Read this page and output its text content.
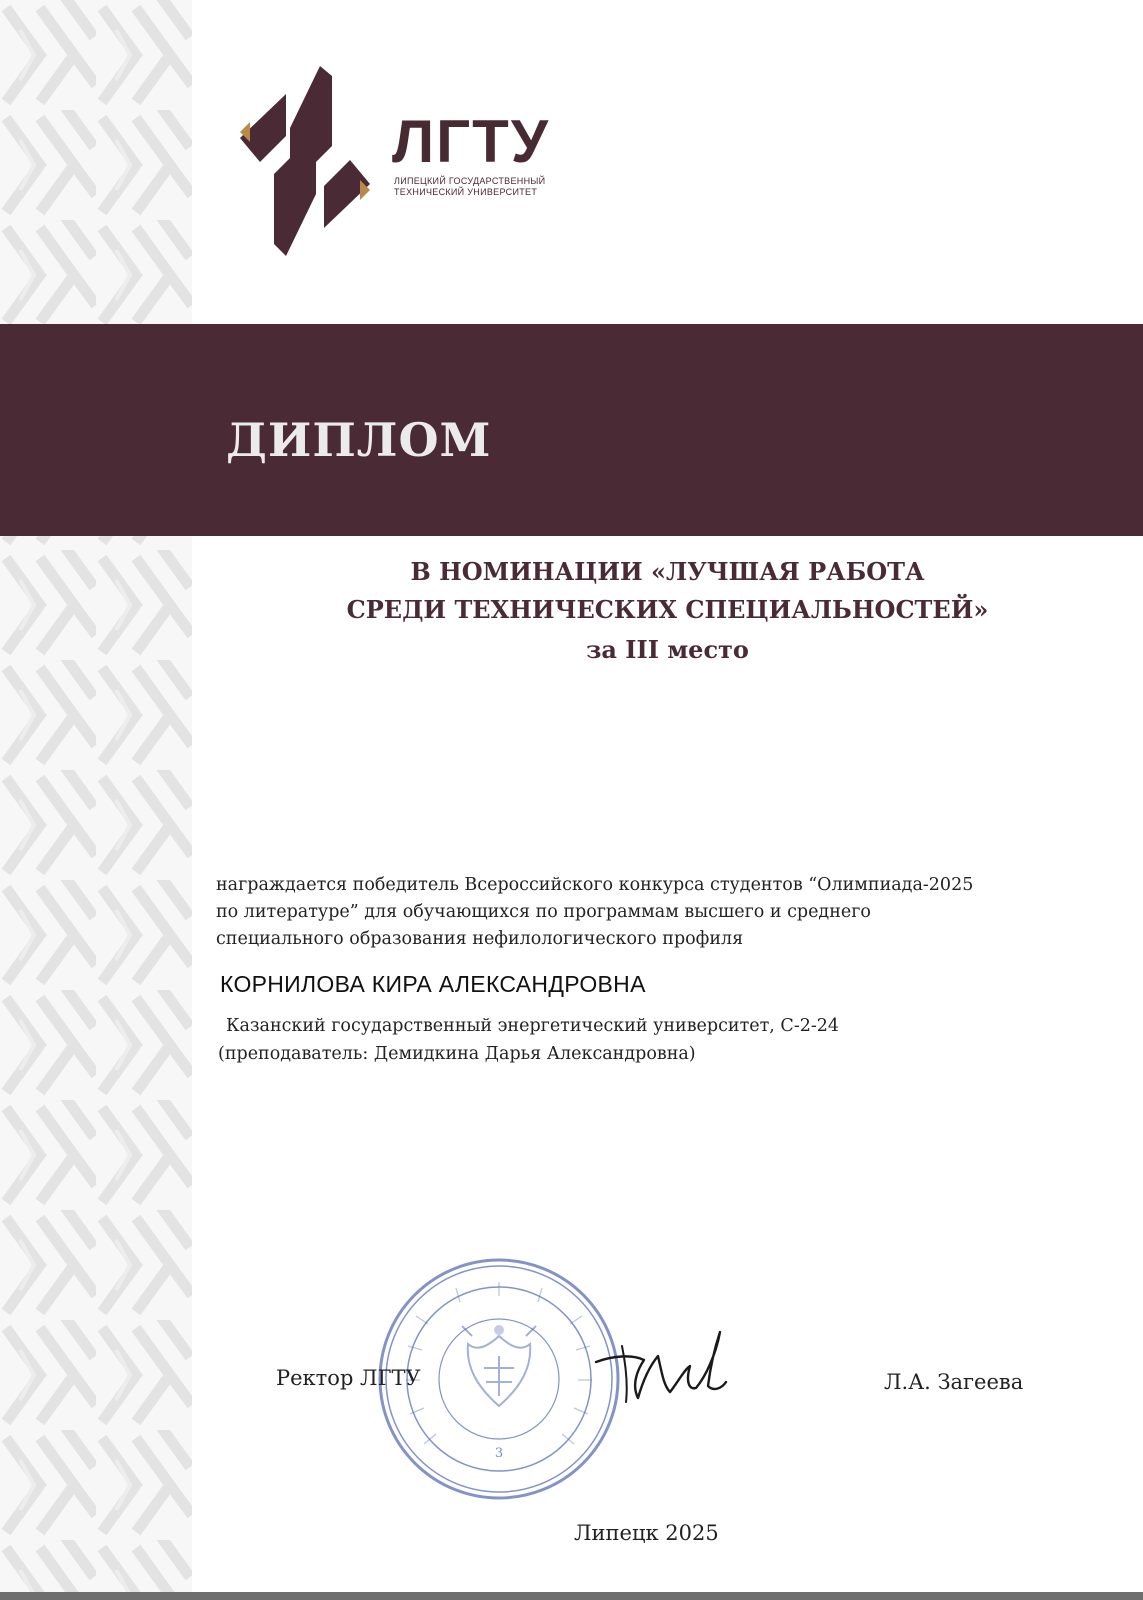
ЛГТУ

ЛИПЕЦКИЙ ГОСУДАРСТВЕННЫЙ
ТЕХНИЧЕСКИЙ УНИВЕРСИТЕТ

ДИПЛОМ
В НОМИНАЦИИ «ЛУЧШАЯ РАБОТА
СРЕДИ ТЕХНИЧЕСКИХ СПЕЦИАЛЬНОСТЕЙ»
за III место

награждается победитель Всероссийского конкурса студентов “Олимпиада-2025
по литературе” для обучающихся по программам высшего и среднего
специального образования нефилологического профиля

КОРНИЛОВА КИРА АЛЕКСАНДРОВНА

Казанский государственный энергетический университет, С-2-24
(преподаватель: Демидкина Дарья Александровна)

3

Ректор ЛГТУ	Л.А. Загеева

Липецк 2025
